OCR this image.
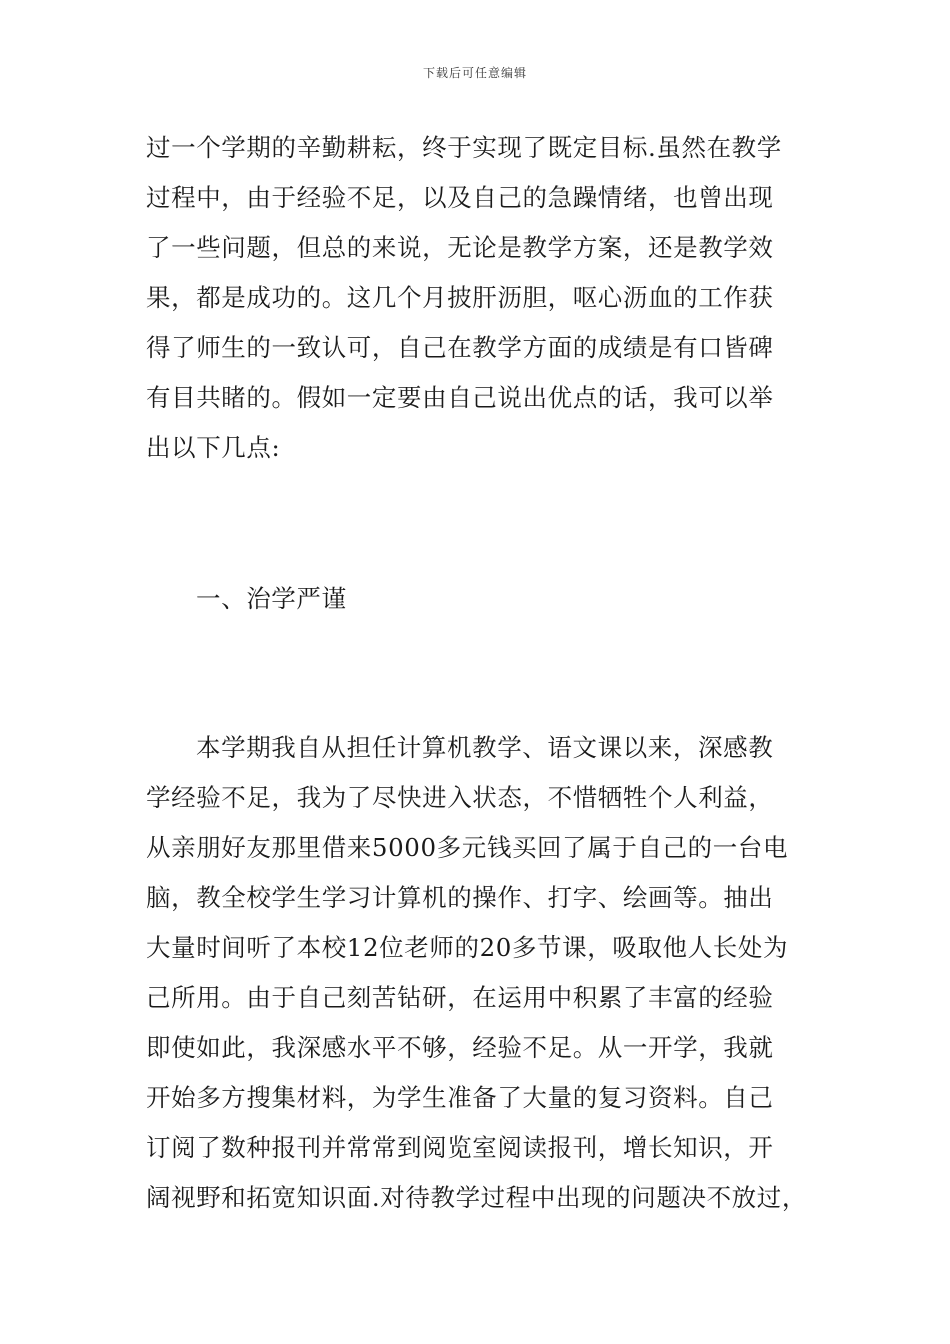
下载后可任意编辑
过一个学期的辛勤耕耘，终于实现了既定目标.虽然在教学
过程中，由于经验不足，以及自己的急躁情绪，也曾出现
了一些问题，但总的来说，无论是教学方案，还是教学效
果，都是成功的。这几个月披肝沥胆，呕心沥血的工作获
得了师生的一致认可，自己在教学方面的成绩是有口皆碑
有目共睹的。假如一定要由自己说出优点的话，我可以举
出以下几点:
一、治学严谨
本学期我自从担任计算机教学、语文课以来，深感教
学经验不足，我为了尽快进入状态，不惜牺牲个人利益，
从亲朋好友那里借来5000多元钱买回了属于自己的一台电
脑，教全校学生学习计算机的操作、打字、绘画等。抽出
大量时间听了本校12位老师的20多节课，吸取他人长处为
己所用。由于自己刻苦钻研，在运用中积累了丰富的经验
即使如此，我深感水平不够，经验不足。从一开学，我就
开始多方搜集材料，为学生准备了大量的复习资料。自己
订阅了数种报刊并常常到阅览室阅读报刊，增长知识，开
阔视野和拓宽知识面.对待教学过程中出现的问题决不放过，
